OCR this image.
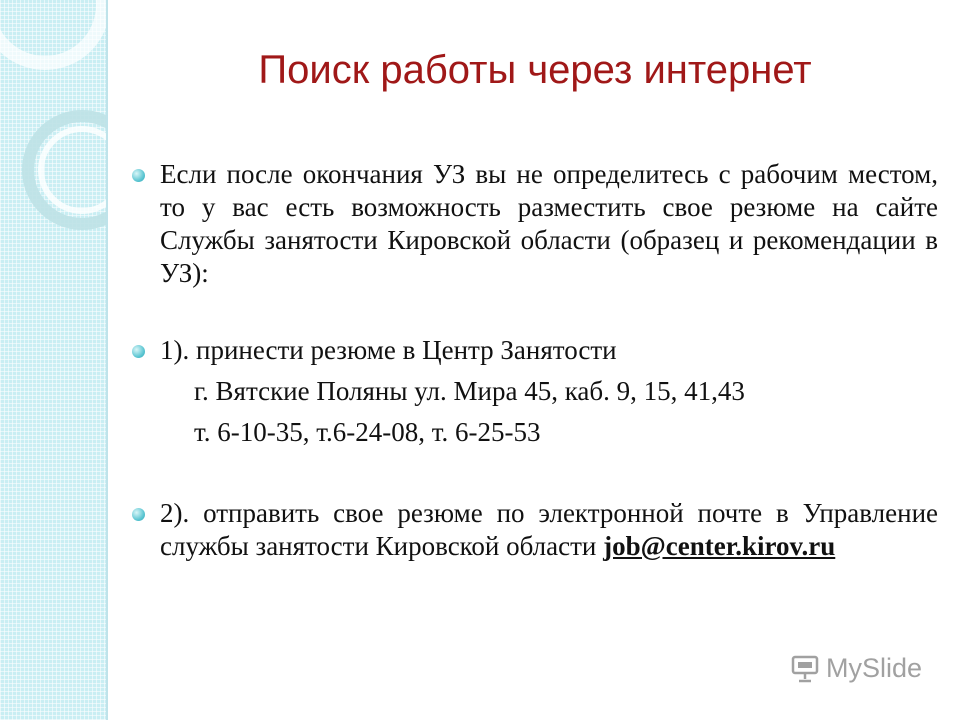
Поиск работы через интернет
Если после окончания УЗ вы не определитесь с рабочим местом, то у вас есть возможность разместить свое резюме на сайте Службы занятости Кировской области (образец и рекомендации в УЗ):
1). принести резюме в Центр Занятости
г. Вятские Поляны ул. Мира 45, каб. 9, 15, 41,43
т. 6-10-35, т.6-24-08, т. 6-25-53
2). отправить свое резюме по электронной почте в Управление службы занятости Кировской области job@center.kirov.ru
MySlide
